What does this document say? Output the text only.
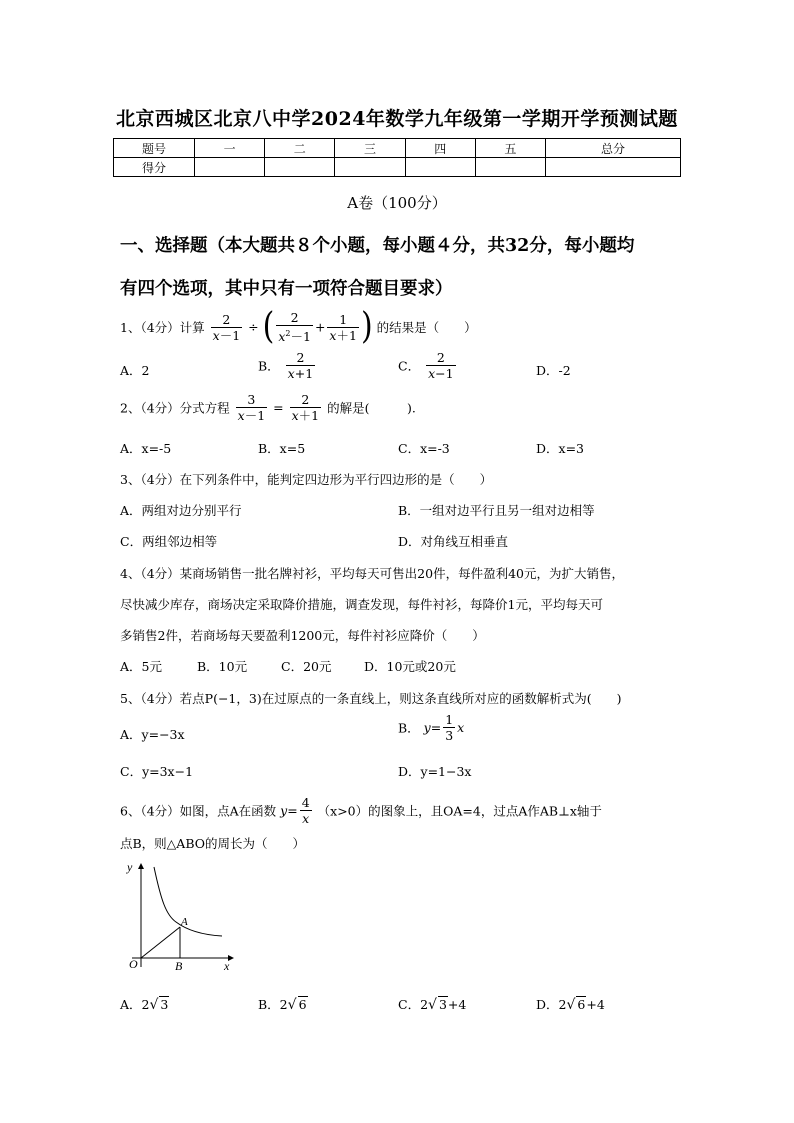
北京西城区北京八中学2024年数学九年级第一学期开学预测试题
题号	一	二	三	四	五	总分
得分						
A卷（100分）
一、选择题（本大题共８个小题，每小题４分，共32分，每小题均
有四个选项，其中只有一项符合题目要求）
1、（4分）计算 $\frac{2}{x-1}$ ÷ ( $\frac{2}{x^2-1} + \frac{1}{x+1}$ ) 的结果是（　　）
A．2	B． $\frac{2}{x+1}$	C． $\frac{2}{x-1}$	D．-2
2、（4分）分式方程 $\frac{3}{x-1} = \frac{2}{x+1}$ 的解是(　　　).
A．x=-5	B．x=5	C．x=-3	D．x=3
3、（4分）在下列条件中，能判定四边形为平行四边形的是（　　）
A．两组对边分别平行	B．一组对边平行且另一组对边相等
C．两组邻边相等	D．对角线互相垂直
4、（4分）某商场销售一批名牌衬衫，平均每天可售出20件，每件盈利40元，为扩大销售，
尽快减少库存，商场决定采取降价措施，调查发现，每件衬衫，每降价1元，平均每天可
多销售2件，若商场每天要盈利1200元，每件衬衫应降价（　　）
A．5元	B．10元	C．20元	D．10元或20元
5、（4分）若点P(−1，3)在过原点的一条直线上，则这条直线所对应的函数解析式为(　　)
A．y=−3x	B． $y= \frac{1}{3}$ x
C．y=3x−1	D．y=1−3x
6、（4分）如图，点A在函数 $y= \frac{4}{x} (x>0)$的图象上，且OA=4，过点A作AB⊥x轴于
点B，则△ABO的周长为（　　）
y
x
O
A
B
A．2√ 3	B．2√ 6	C．2√ 3+4	D．2√ 6+4
